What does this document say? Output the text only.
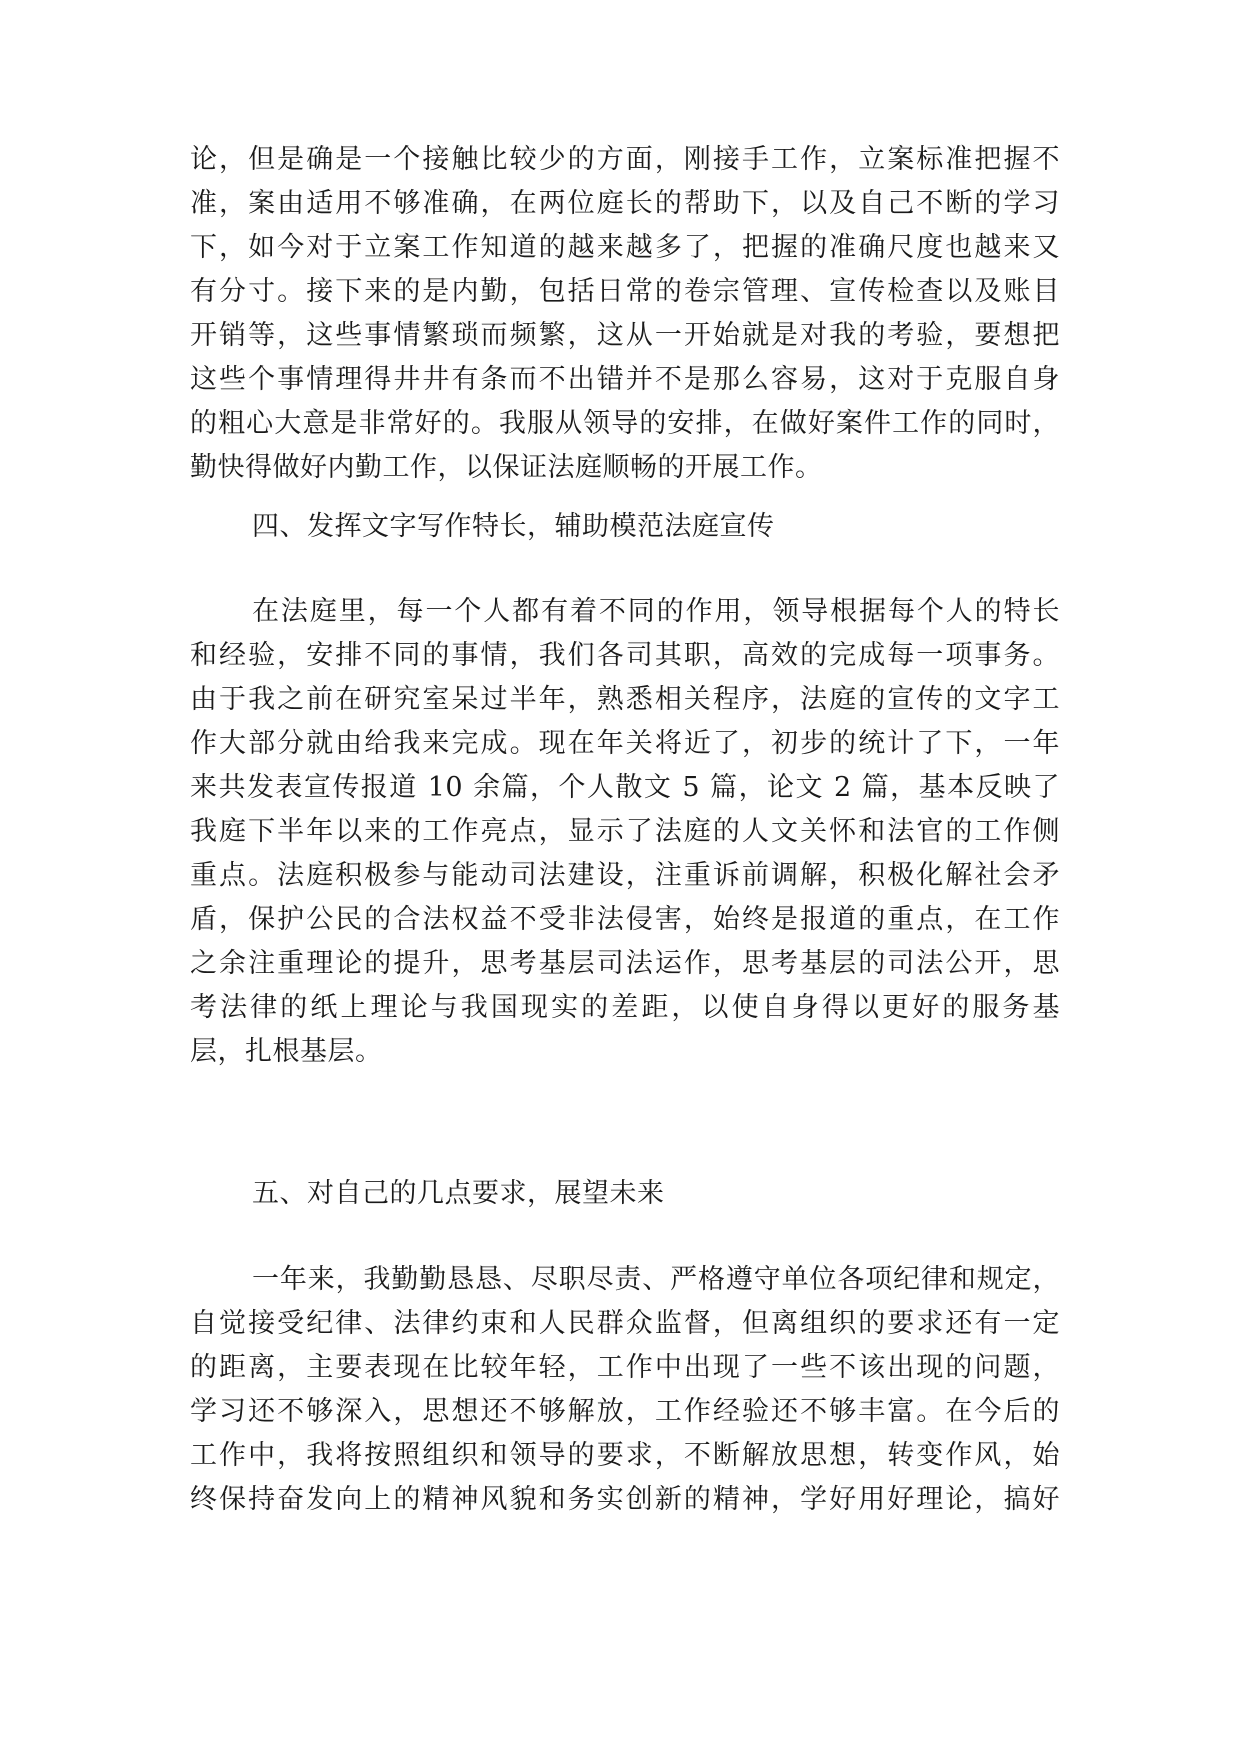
论，但是确是一个接触比较少的方面，刚接手工作，立案标准把握不
准，案由适用不够准确，在两位庭长的帮助下，以及自己不断的学习
下，如今对于立案工作知道的越来越多了，把握的准确尺度也越来又
有分寸。接下来的是内勤，包括日常的卷宗管理、宣传检查以及账目
开销等，这些事情繁琐而频繁，这从一开始就是对我的考验，要想把
这些个事情理得井井有条而不出错并不是那么容易，这对于克服自身
的粗心大意是非常好的。我服从领导的安排，在做好案件工作的同时，
勤快得做好内勤工作，以保证法庭顺畅的开展工作。
四、发挥文字写作特长，辅助模范法庭宣传
在法庭里，每一个人都有着不同的作用，领导根据每个人的特长
和经验，安排不同的事情，我们各司其职，高效的完成每一项事务。
由于我之前在研究室呆过半年，熟悉相关程序，法庭的宣传的文字工
作大部分就由给我来完成。现在年关将近了，初步的统计了下，一年
来共发表宣传报道 10 余篇，个人散文 5 篇，论文 2 篇，基本反映了
我庭下半年以来的工作亮点，显示了法庭的人文关怀和法官的工作侧
重点。法庭积极参与能动司法建设，注重诉前调解，积极化解社会矛
盾，保护公民的合法权益不受非法侵害，始终是报道的重点，在工作
之余注重理论的提升，思考基层司法运作，思考基层的司法公开，思
考法律的纸上理论与我国现实的差距，以使自身得以更好的服务基
层，扎根基层。
五、对自己的几点要求，展望未来
一年来，我勤勤恳恳、尽职尽责、严格遵守单位各项纪律和规定，
自觉接受纪律、法律约束和人民群众监督，但离组织的要求还有一定
的距离，主要表现在比较年轻，工作中出现了一些不该出现的问题，
学习还不够深入，思想还不够解放，工作经验还不够丰富。在今后的
工作中，我将按照组织和领导的要求，不断解放思想，转变作风，始
终保持奋发向上的精神风貌和务实创新的精神，学好用好理论，搞好
